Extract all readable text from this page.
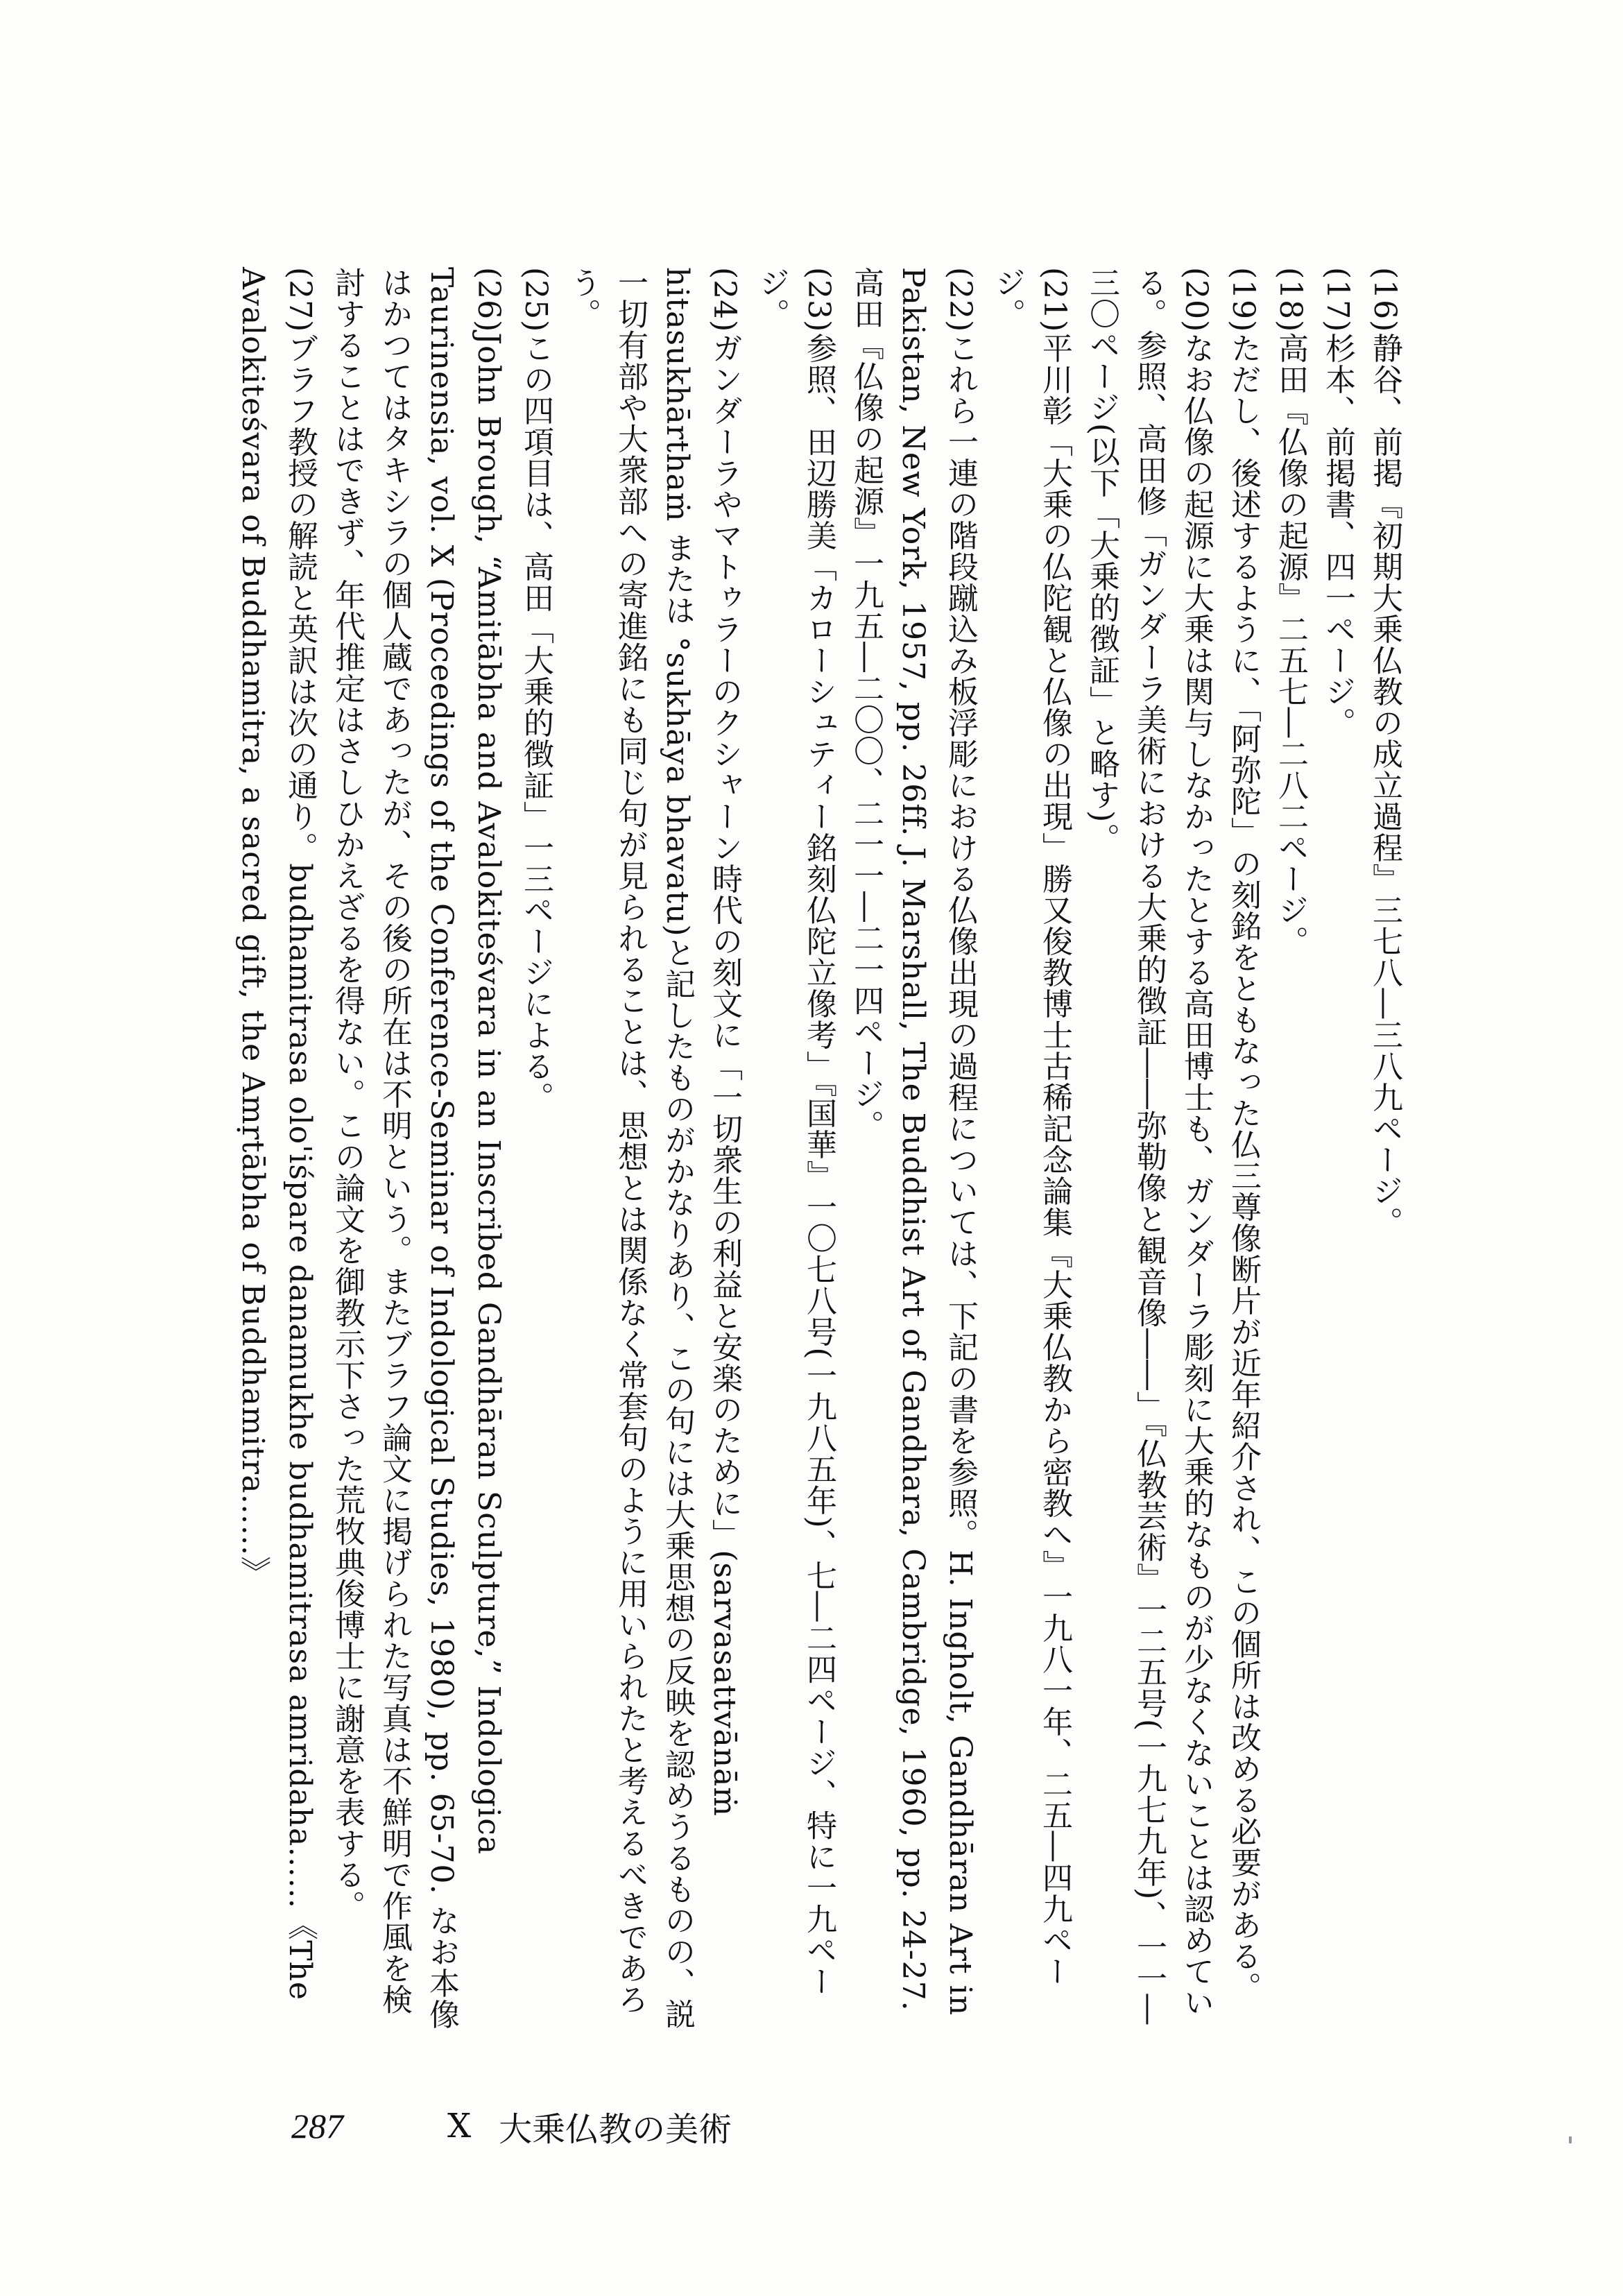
(16)静谷、前掲『初期大乗仏教の成立過程』三七八―三八九ページ。

(17)杉本、前掲書、四一ページ。

(18)高田『仏像の起源』二五七―二八二ページ。

(19)ただし、後述するように、「阿弥陀」の刻銘をともなった仏三尊像断片が近年紹介され、この個所は改める必要がある。

(20)なお仏像の起源に大乗は関与しなかったとする高田博士も、ガンダーラ彫刻に大乗的なものが少なくないことは認めている。参照、高田修「ガンダーラ美術における大乗的徴証――弥勒像と観音像――」『仏教芸術』一二五号(一九七九年)、一一―三〇ページ(以下「大乗的徴証」と略す)。

(21)平川彰「大乗の仏陀観と仏像の出現」勝又俊教博士古稀記念論集『大乗仏教から密教へ』一九八一年、二五―四九ページ。

(22)これら一連の階段蹴込み板浮彫における仏像出現の過程については、下記の書を参照。H. Ingholt, Gandhāran Art in Pakistan, New York, 1957, pp. 26ff. J. Marshall, The Buddhist Art of Gandhara, Cambridge, 1960, pp. 24-27. 高田『仏像の起源』一九五―二〇〇、二一一―二一四ページ。

(23)参照、田辺勝美「カローシュティー銘刻仏陀立像考」『国華』一〇七八号(一九八五年)、七―二四ページ、特に一九ページ。

(24)ガンダーラやマトゥラーのクシャーン時代の刻文に「一切衆生の利益と安楽のために」(sarvasattvānāṁ hitasukhārthaṁ または °sukhāya bhavatu)と記したものがかなりあり、この句には大乗思想の反映を認めうるものの、説一切有部や大衆部への寄進銘にも同じ句が見られることは、思想とは関係なく常套句のように用いられたと考えるべきであろう。

(25)この四項目は、高田「大乗的徴証」一三ページによる。

(26)John Brough, “Amitābha and Avalokiteśvara in an Inscribed Gandhāran Sculpture,” Indologica Taurinensia, vol. X (Proceedings of the Conference-Seminar of Indological Studies, 1980), pp. 65-70. なお本像はかつてはタキシラの個人蔵であったが、その後の所在は不明という。またブラフ論文に掲げられた写真は不鮮明で作風を検討することはできず、年代推定はさしひかえざるを得ない。この論文を御教示下さった荒牧典俊博士に謝意を表する。

(27)ブラフ教授の解読と英訳は次の通り。budhamitrasa olo'iśpare danamukhe budhamitrasa amridaha……《The Avalokiteśvara of Buddhamitra, a sacred gift, the Amṛtābha of Buddhamitra……》

287	X 大乗仏教の美術
